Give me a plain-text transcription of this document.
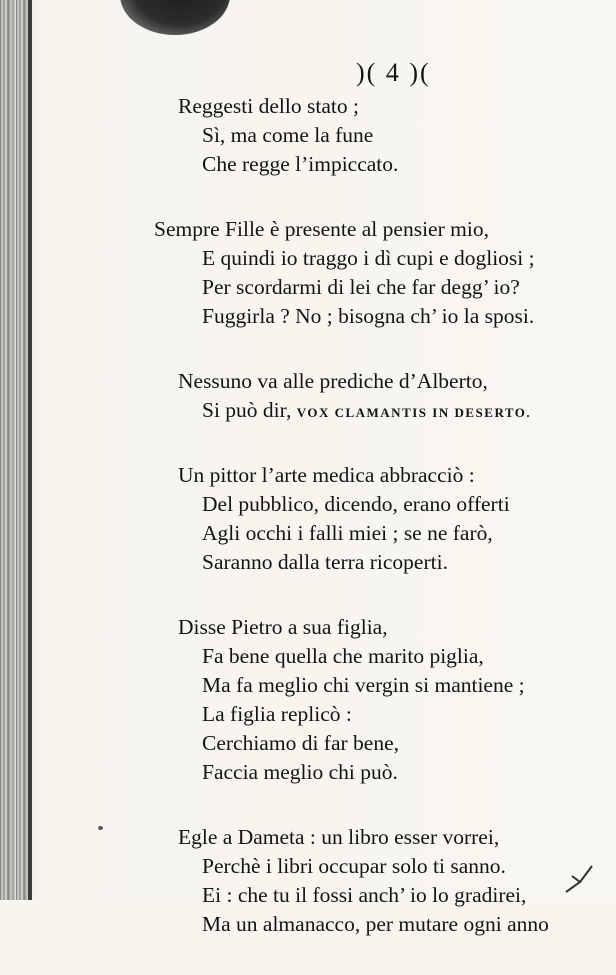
)( 4 )(
Reggesti dello stato ;
Sì, ma come la fune
Che regge l’impiccato.
Sempre Fille è presente al pensier mio,
E quindi io traggo i dì cupi e dogliosi ;
Per scordarmi di lei che far degg’ io?
Fuggirla ? No ; bisogna ch’ io la sposi.
Nessuno va alle prediche d’Alberto,
Si può dir, VOX CLAMANTIS IN DESERTO.
Un pittor l’arte medica abbracciò :
Del pubblico, dicendo, erano offerti
Agli occhi i falli miei ; se ne farò,
Saranno dalla terra ricoperti.
Disse Pietro a sua figlia,
Fa bene quella che marito piglia,
Ma fa meglio chi vergin si mantiene ;
La figlia replicò :
Cerchiamo di far bene,
Faccia meglio chi può.
Egle a Dameta : un libro esser vorrei,
Perchè i libri occupar solo ti sanno.
Ei : che tu il fossi anch’ io lo gradirei,
Ma un almanacco, per mutare ogni anno
